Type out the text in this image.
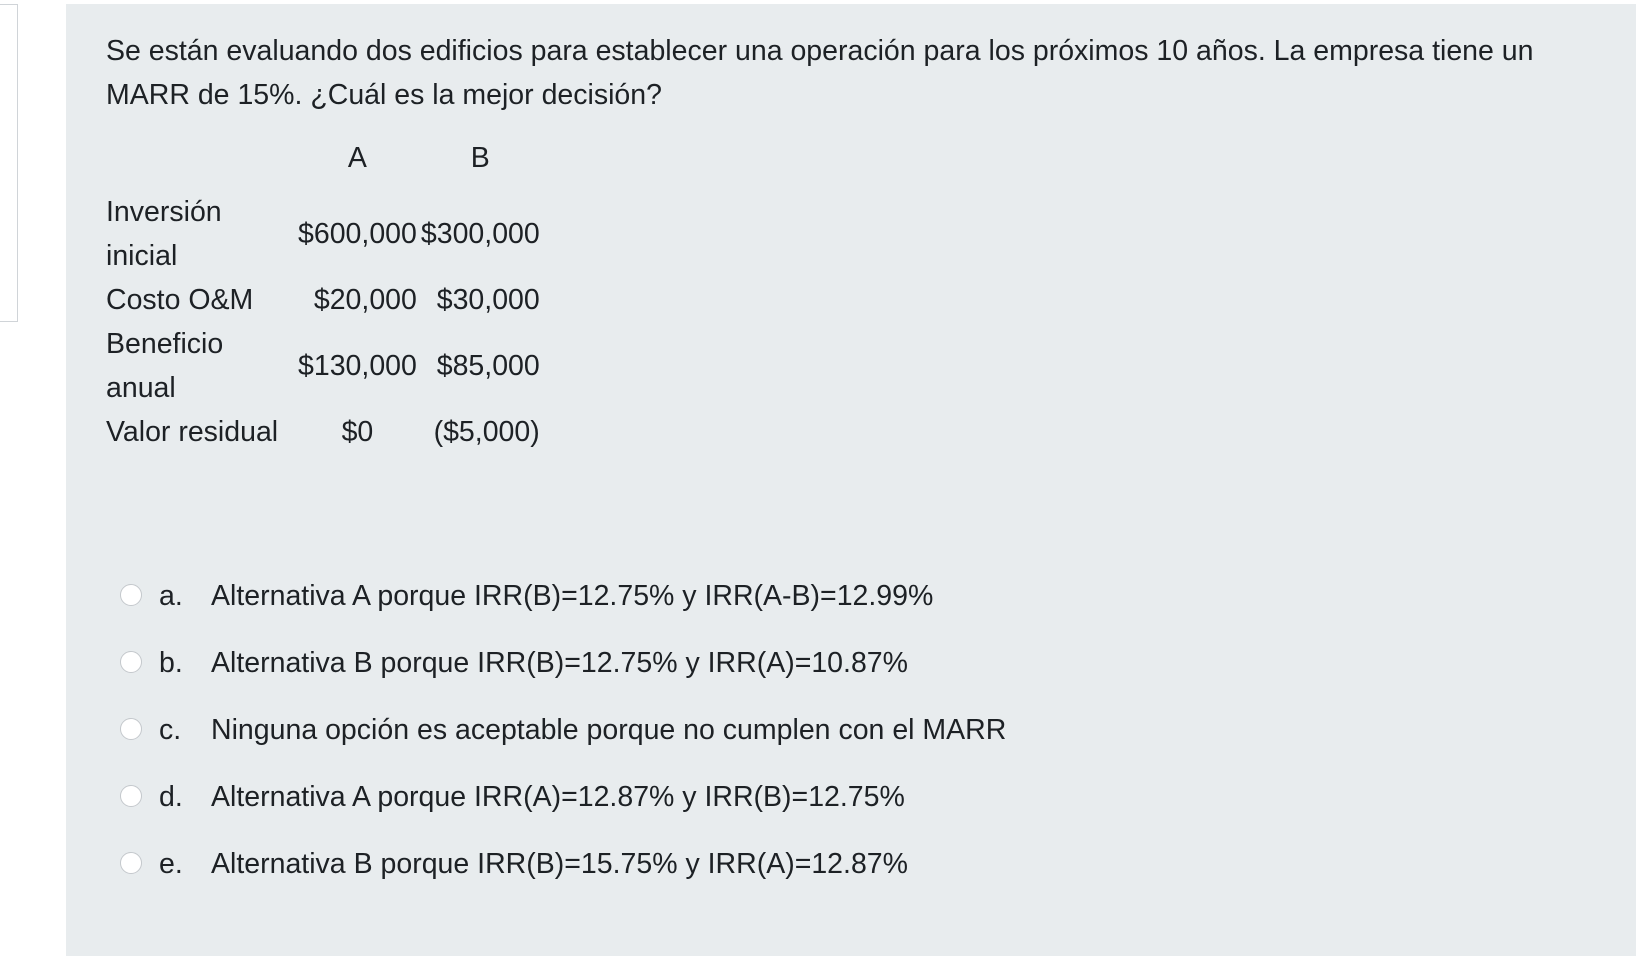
Se están evaluando dos edificios para establecer una operación para los próximos 10 años. La empresa tiene un MARR de 15%. ¿Cuál es la mejor decisión?

	A	B
Inversión
inicial	$600,000	$300,000
Costo O&M	$20,000	$30,000
Beneficio
anual	$130,000	$85,000
Valor residual	$0	($5,000)
a. Alternativa A porque IRR(B)=12.75% y IRR(A-B)=12.99%
b. Alternativa B porque IRR(B)=12.75% y IRR(A)=10.87%
c.	Ninguna opción es aceptable porque no cumplen con el MARR
d. Alternativa A porque IRR(A)=12.87% y IRR(B)=12.75%
e. Alternativa B porque IRR(B)=15.75% y IRR(A)=12.87%
